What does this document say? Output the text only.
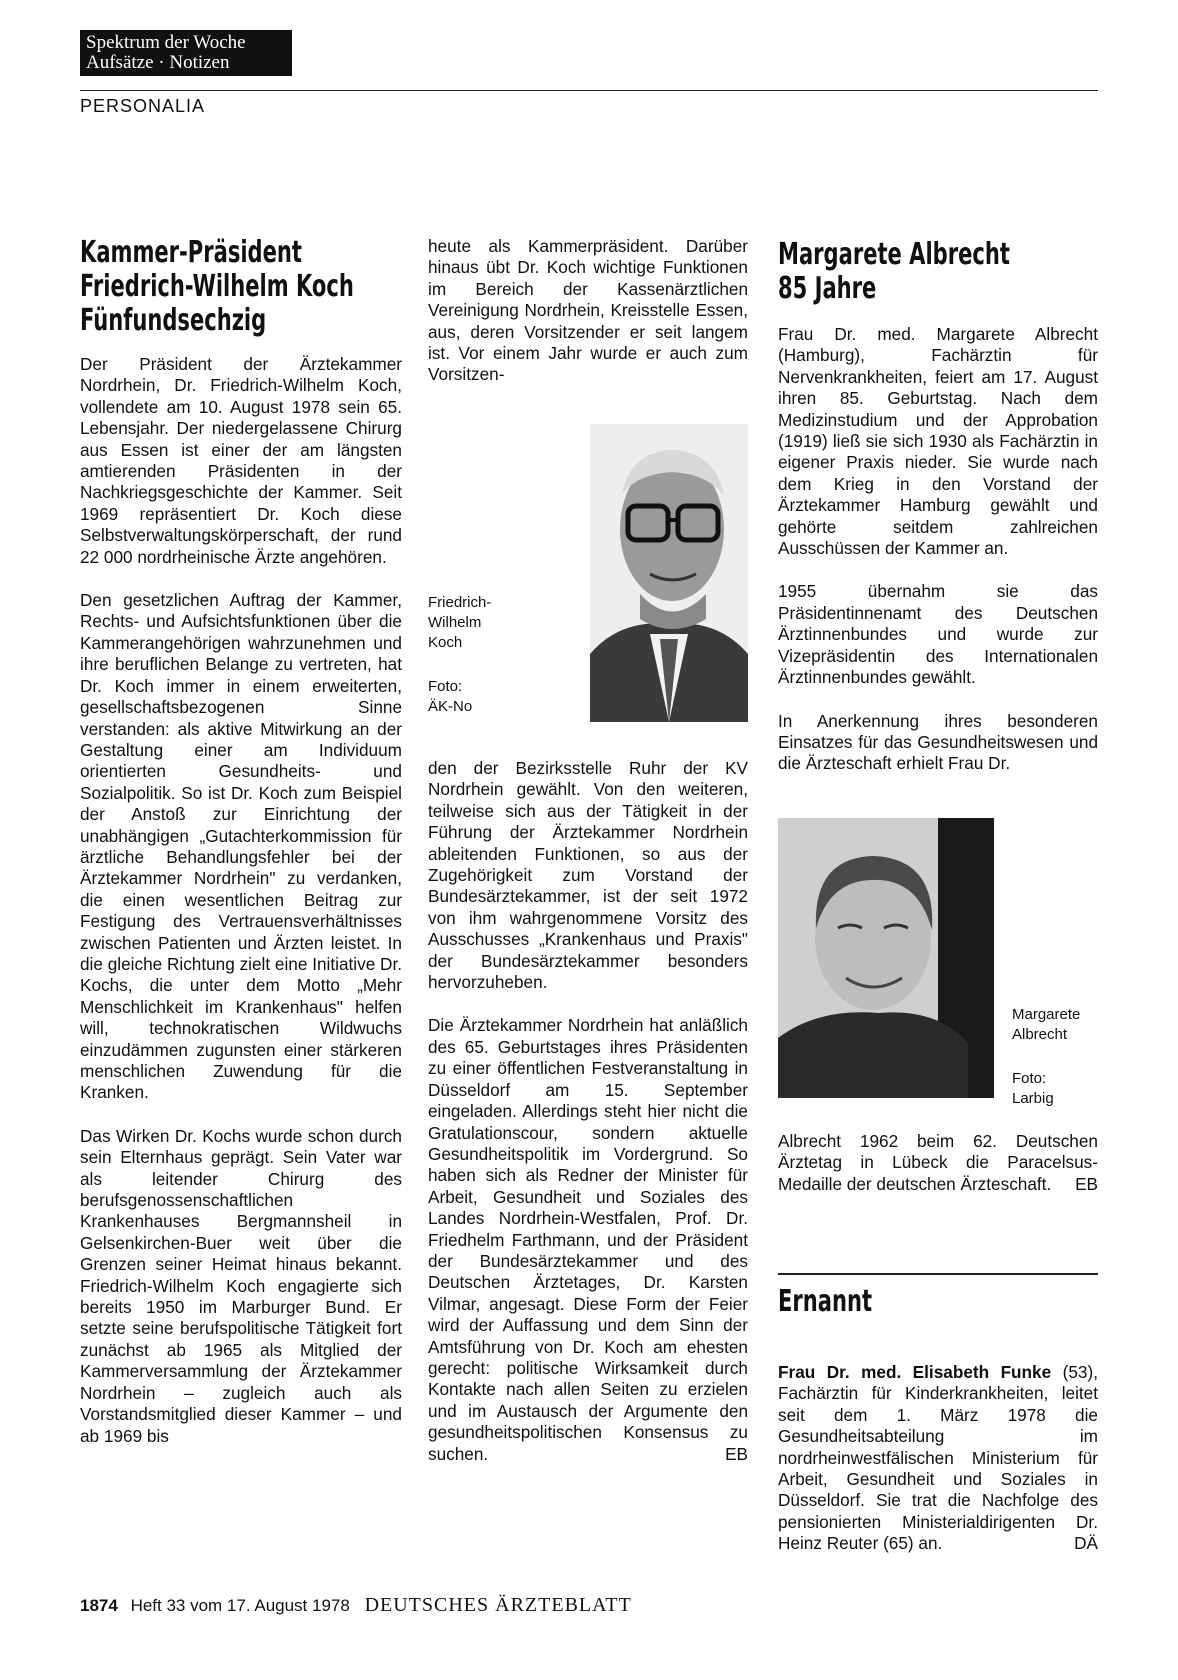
Spektrum der Woche
Aufsätze · Notizen
PERSONALIA
Kammer-Präsident
Friedrich-Wilhelm Koch
Fünfundsechzig

Der Präsident der Ärztekammer Nordrhein, Dr. Friedrich-Wilhelm Koch, vollendete am 10. August 1978 sein 65. Lebensjahr. Der niedergelassene Chirurg aus Essen ist einer der am längsten amtierenden Präsidenten in der Nachkriegsgeschichte der Kammer. Seit 1969 repräsentiert Dr. Koch diese Selbstverwaltungskörperschaft, der rund 22 000 nordrheinische Ärzte angehören.

Den gesetzlichen Auftrag der Kammer, Rechts- und Aufsichtsfunktionen über die Kammerangehörigen wahrzunehmen und ihre beruflichen Belange zu vertreten, hat Dr. Koch immer in einem erweiterten, gesellschaftsbezogenen Sinne verstanden: als aktive Mitwirkung an der Gestaltung einer am Individuum orientierten Gesundheits- und Sozialpolitik. So ist Dr. Koch zum Beispiel der Anstoß zur Einrichtung der unabhängigen „Gutachterkommission für ärztliche Behandlungsfehler bei der Ärztekammer Nordrhein" zu verdanken, die einen wesentlichen Beitrag zur Festigung des Vertrauensverhältnisses zwischen Patienten und Ärzten leistet. In die gleiche Richtung zielt eine Initiative Dr. Kochs, die unter dem Motto „Mehr Menschlichkeit im Krankenhaus" helfen will, technokratischen Wildwuchs einzudämmen zugunsten einer stärkeren menschlichen Zuwendung für die Kranken.

Das Wirken Dr. Kochs wurde schon durch sein Elternhaus geprägt. Sein Vater war als leitender Chirurg des berufsgenossenschaftlichen Krankenhauses Bergmannsheil in Gelsenkirchen-Buer weit über die Grenzen seiner Heimat hinaus bekannt. Friedrich-Wilhelm Koch engagierte sich bereits 1950 im Marburger Bund. Er setzte seine berufspolitische Tätigkeit fort zunächst ab 1965 als Mitglied der Kammerversammlung der Ärztekammer Nordrhein – zugleich auch als Vorstandsmitglied dieser Kammer – und ab 1969 bis

heute als Kammerpräsident. Darüber hinaus übt Dr. Koch wichtige Funktionen im Bereich der Kassenärztlichen Vereinigung Nordrhein, Kreisstelle Essen, aus, deren Vorsitzender er seit langem ist. Vor einem Jahr wurde er auch zum Vorsitzen-

Friedrich-
Wilhelm
Koch
Foto:
ÄK-No

den der Bezirksstelle Ruhr der KV Nordrhein gewählt. Von den weiteren, teilweise sich aus der Tätigkeit in der Führung der Ärztekammer Nordrhein ableitenden Funktionen, so aus der Zugehörigkeit zum Vorstand der Bundesärztekammer, ist der seit 1972 von ihm wahrgenommene Vorsitz des Ausschusses „Krankenhaus und Praxis" der Bundesärztekammer besonders hervorzuheben.

Die Ärztekammer Nordrhein hat anläßlich des 65. Geburtstages ihres Präsidenten zu einer öffentlichen Festveranstaltung in Düsseldorf am 15. September eingeladen. Allerdings steht hier nicht die Gratulationscour, sondern aktuelle Gesundheitspolitik im Vordergrund. So haben sich als Redner der Minister für Arbeit, Gesundheit und Soziales des Landes Nordrhein-Westfalen, Prof. Dr. Friedhelm Farthmann, und der Präsident der Bundesärztekammer und des Deutschen Ärztetages, Dr. Karsten Vilmar, angesagt. Diese Form der Feier wird der Auffassung und dem Sinn der Amtsführung von Dr. Koch am ehesten gerecht: politische Wirksamkeit durch Kontakte nach allen Seiten zu erzielen und im Austausch der Argumente den gesundheitspolitischen Konsensus zu suchen.	EB

Margarete Albrecht
85 Jahre

Frau Dr. med. Margarete Albrecht (Hamburg), Fachärztin für Nervenkrankheiten, feiert am 17. August ihren 85. Geburtstag. Nach dem Medizinstudium und der Approbation (1919) ließ sie sich 1930 als Fachärztin in eigener Praxis nieder. Sie wurde nach dem Krieg in den Vorstand der Ärztekammer Hamburg gewählt und gehörte seitdem zahlreichen Ausschüssen der Kammer an.

1955 übernahm sie das Präsidentinnenamt des Deutschen Ärztinnenbundes und wurde zur Vizepräsidentin des Internationalen Ärztinnenbundes gewählt.

In Anerkennung ihres besonderen Einsatzes für das Gesundheitswesen und die Ärzteschaft erhielt Frau Dr.

Margarete
Albrecht
Foto:
Larbig

Albrecht 1962 beim 62. Deutschen Ärztetag in Lübeck die Paracelsus-Medaille der deutschen Ärzteschaft. EB

Ernannt

Frau Dr. med. Elisabeth Funke (53), Fachärztin für Kinderkrankheiten, leitet seit dem 1. März 1978 die Gesundheitsabteilung im nordrheinwestfälischen Ministerium für Arbeit, Gesundheit und Soziales in Düsseldorf. Sie trat die Nachfolge des pensionierten Ministerialdirigenten Dr. Heinz Reuter (65) an.	DÄ

1874 Heft 33 vom 17. August 1978 DEUTSCHES ÄRZTEBLATT
